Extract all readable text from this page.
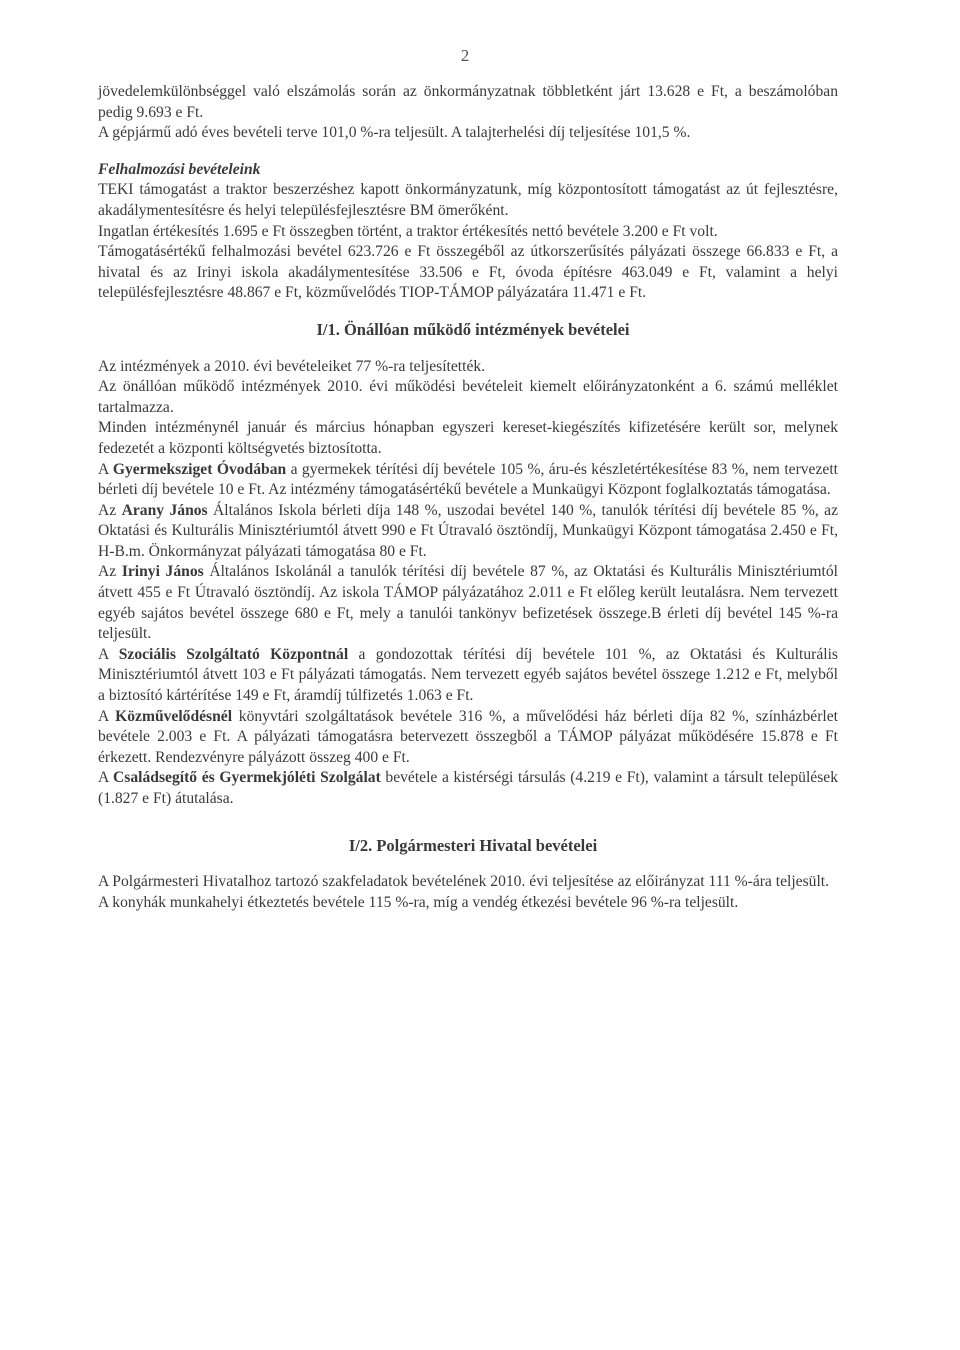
2

jövedelemkülönbséggel való elszámolás során az önkormányzatnak többletként járt 13.628 e Ft, a beszámolóban pedig 9.693 e Ft.

A gépjármű adó éves bevételi terve 101,0 %-ra teljesült. A talajterhelési díj teljesítése 101,5 %.

Felhalmozási bevételeink

TEKI támogatást a traktor beszerzéshez kapott önkormányzatunk, míg központosított támogatást az út fejlesztésre, akadálymentesítésre és helyi településfejlesztésre BM ömerőként.

Ingatlan értékesítés 1.695 e Ft összegben történt, a traktor értékesítés nettó bevétele 3.200 e Ft volt.

Támogatásértékű felhalmozási bevétel 623.726 e Ft összegéből az útkorszerűsítés pályázati összege 66.833 e Ft, a hivatal és az Irinyi iskola akadálymentesítése 33.506 e Ft, óvoda építésre 463.049 e Ft, valamint a helyi településfejlesztésre 48.867 e Ft, közművelődés TIOP-TÁMOP pályázatára 11.471 e Ft.

I/1. Önállóan működő intézmények bevételei

Az intézmények a 2010. évi bevételeiket 77 %-ra teljesítették.

Az önállóan működő intézmények 2010. évi működési bevételeit kiemelt előirányzatonként a 6. számú melléklet tartalmazza.

Minden intézménynél január és március hónapban egyszeri kereset-kiegészítés kifizetésére került sor, melynek fedezetét a központi költségvetés biztosította.

A Gyermeksziget Óvodában a gyermekek térítési díj bevétele 105 %, áru-és készletértékesítése 83 %, nem tervezett bérleti díj bevétele 10 e Ft. Az intézmény támogatásértékű bevétele a Munkaügyi Központ foglalkoztatás támogatása.

Az Arany János Általános Iskola bérleti díja 148 %, uszodai bevétel 140 %, tanulók térítési díj bevétele 85 %, az Oktatási és Kulturális Minisztériumtól átvett 990 e Ft Útravaló ösztöndíj, Munkaügyi Központ támogatása 2.450 e Ft, H-B.m. Önkormányzat pályázati támogatása 80 e Ft.

Az Irinyi János Általános Iskolánál a tanulók térítési díj bevétele 87 %, az Oktatási és Kulturális Minisztériumtól átvett 455 e Ft Útravaló ösztöndíj. Az iskola TÁMOP pályázatához 2.011 e Ft előleg került leutalásra. Nem tervezett egyéb sajátos bevétel összege 680 e Ft, mely a tanulói tankönyv befizetések összege.B érleti díj bevétel 145 %-ra teljesült.

A Szociális Szolgáltató Központnál a gondozottak térítési díj bevétele 101 %, az Oktatási és Kulturális Minisztériumtól átvett 103 e Ft pályázati támogatás. Nem tervezett egyéb sajátos bevétel összege 1.212 e Ft, melyből a biztosító kártérítése 149 e Ft, áramdíj túlfizetés 1.063 e Ft.

A Közművelődésnél könyvtári szolgáltatások bevétele 316 %, a művelődési ház bérleti díja 82 %, színházbérlet bevétele 2.003 e Ft. A pályázati támogatásra betervezett összegből a TÁMOP pályázat működésére 15.878 e Ft érkezett. Rendezvényre pályázott összeg 400 e Ft.

A Családsegítő és Gyermekjóléti Szolgálat bevétele a kistérségi társulás (4.219 e Ft), valamint a társult települések (1.827 e Ft) átutalása.

I/2. Polgármesteri Hivatal bevételei

A Polgármesteri Hivatalhoz tartozó szakfeladatok bevételének 2010. évi teljesítése az előirányzat 111 %-ára teljesült.

A konyhák munkahelyi étkeztetés bevétele 115 %-ra, míg a vendég étkezési bevétele 96 %-ra teljesült.
